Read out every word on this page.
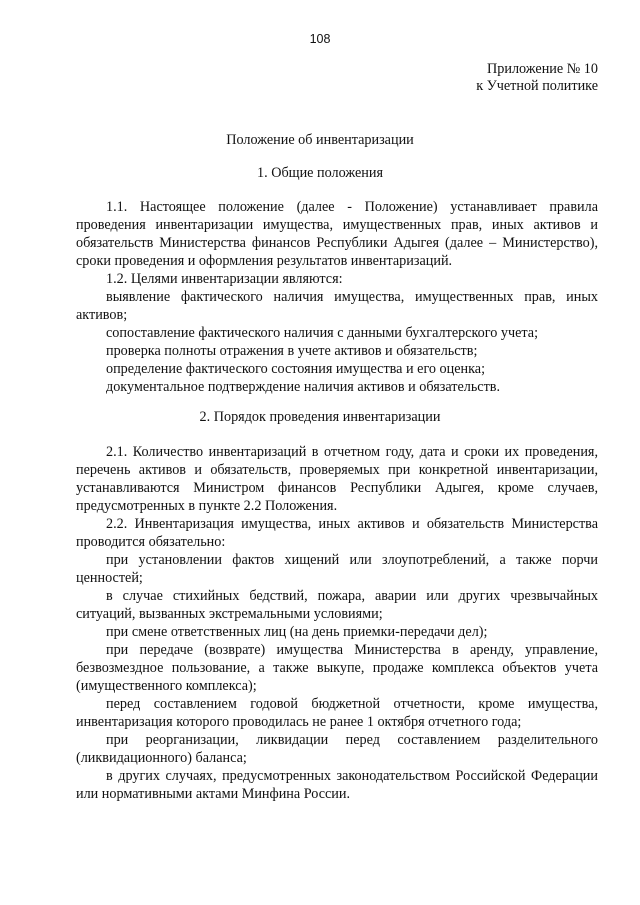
108
Приложение № 10
к Учетной политике
Положение об инвентаризации
1. Общие положения

1.1. Настоящее положение (далее - Положение) устанавливает правила проведения инвентаризации имущества, имущественных прав, иных активов и обязательств Министерства финансов Республики Адыгея (далее – Министерство), сроки проведения и оформления результатов инвентаризаций.

1.2. Целями инвентаризации являются:

выявление фактического наличия имущества, имущественных прав, иных активов;

сопоставление фактического наличия с данными бухгалтерского учета;

проверка полноты отражения в учете активов и обязательств;

определение фактического состояния имущества и его оценка;

документальное подтверждение наличия активов и обязательств.

2. Порядок проведения инвентаризации

2.1. Количество инвентаризаций в отчетном году, дата и сроки их проведения, перечень активов и обязательств, проверяемых при конкретной инвентаризации, устанавливаются Министром финансов Республики Адыгея, кроме случаев, предусмотренных в пункте 2.2 Положения.

2.2. Инвентаризация имущества, иных активов и обязательств Министерства проводится обязательно:

при установлении фактов хищений или злоупотреблений, а также порчи ценностей;

в случае стихийных бедствий, пожара, аварии или других чрезвычайных ситуаций, вызванных экстремальными условиями;

при смене ответственных лиц (на день приемки-передачи дел);

при передаче (возврате) имущества Министерства в аренду, управление, безвозмездное пользование, а также выкупе, продаже комплекса объектов учета (имущественного комплекса);

перед составлением годовой бюджетной отчетности, кроме имущества, инвентаризация которого проводилась не ранее 1 октября отчетного года;

при реорганизации, ликвидации перед составлением разделительного (ликвидационного) баланса;

в других случаях, предусмотренных законодательством Российской Федерации или нормативными актами Минфина России.
